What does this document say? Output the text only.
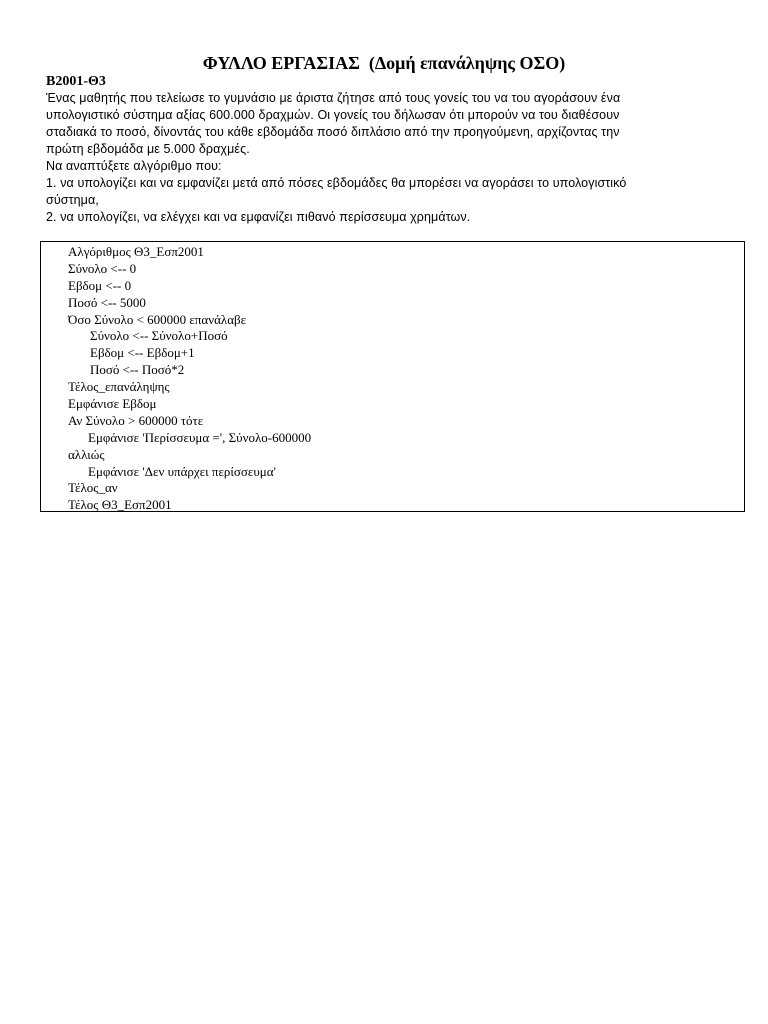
ΦΥΛΛΟ ΕΡΓΑΣΙΑΣ  (Δομή επανάληψης ΟΣΟ)
Β2001-Θ3
Ένας μαθητής που τελείωσε το γυμνάσιο με άριστα ζήτησε από τους γονείς του να του αγοράσουν ένα
υπολογιστικό σύστημα αξίας 600.000 δραχμών. Οι γονείς του δήλωσαν ότι μπορούν να του διαθέσουν
σταδιακά το ποσό, δίνοντάς του κάθε εβδομάδα ποσό διπλάσιο από την προηγούμενη, αρχίζοντας την
πρώτη εβδομάδα με 5.000 δραχμές.
Να αναπτύξετε αλγόριθμο που:
1. να υπολογίζει και να εμφανίζει μετά από πόσες εβδομάδες θα μπορέσει να αγοράσει το υπολογιστικό
σύστημα,
2. να υπολογίζει, να ελέγχει και να εμφανίζει πιθανό περίσσευμα χρημάτων.
Αλγόριθμος Θ3_Εσπ2001
Σύνολο <-- 0
Εβδομ <-- 0
Ποσό <-- 5000
Όσο Σύνολο < 600000 επανάλαβε
Σύνολο <-- Σύνολο+Ποσό
Εβδομ <-- Εβδομ+1
Ποσό <-- Ποσό*2
Τέλος_επανάληψης
Εμφάνισε Εβδομ
Αν Σύνολο > 600000 τότε
Εμφάνισε 'Περίσσευμα =', Σύνολο-600000
αλλιώς
Εμφάνισε 'Δεν υπάρχει περίσσευμα'
Τέλος_αν
Τέλος Θ3_Εσπ2001
